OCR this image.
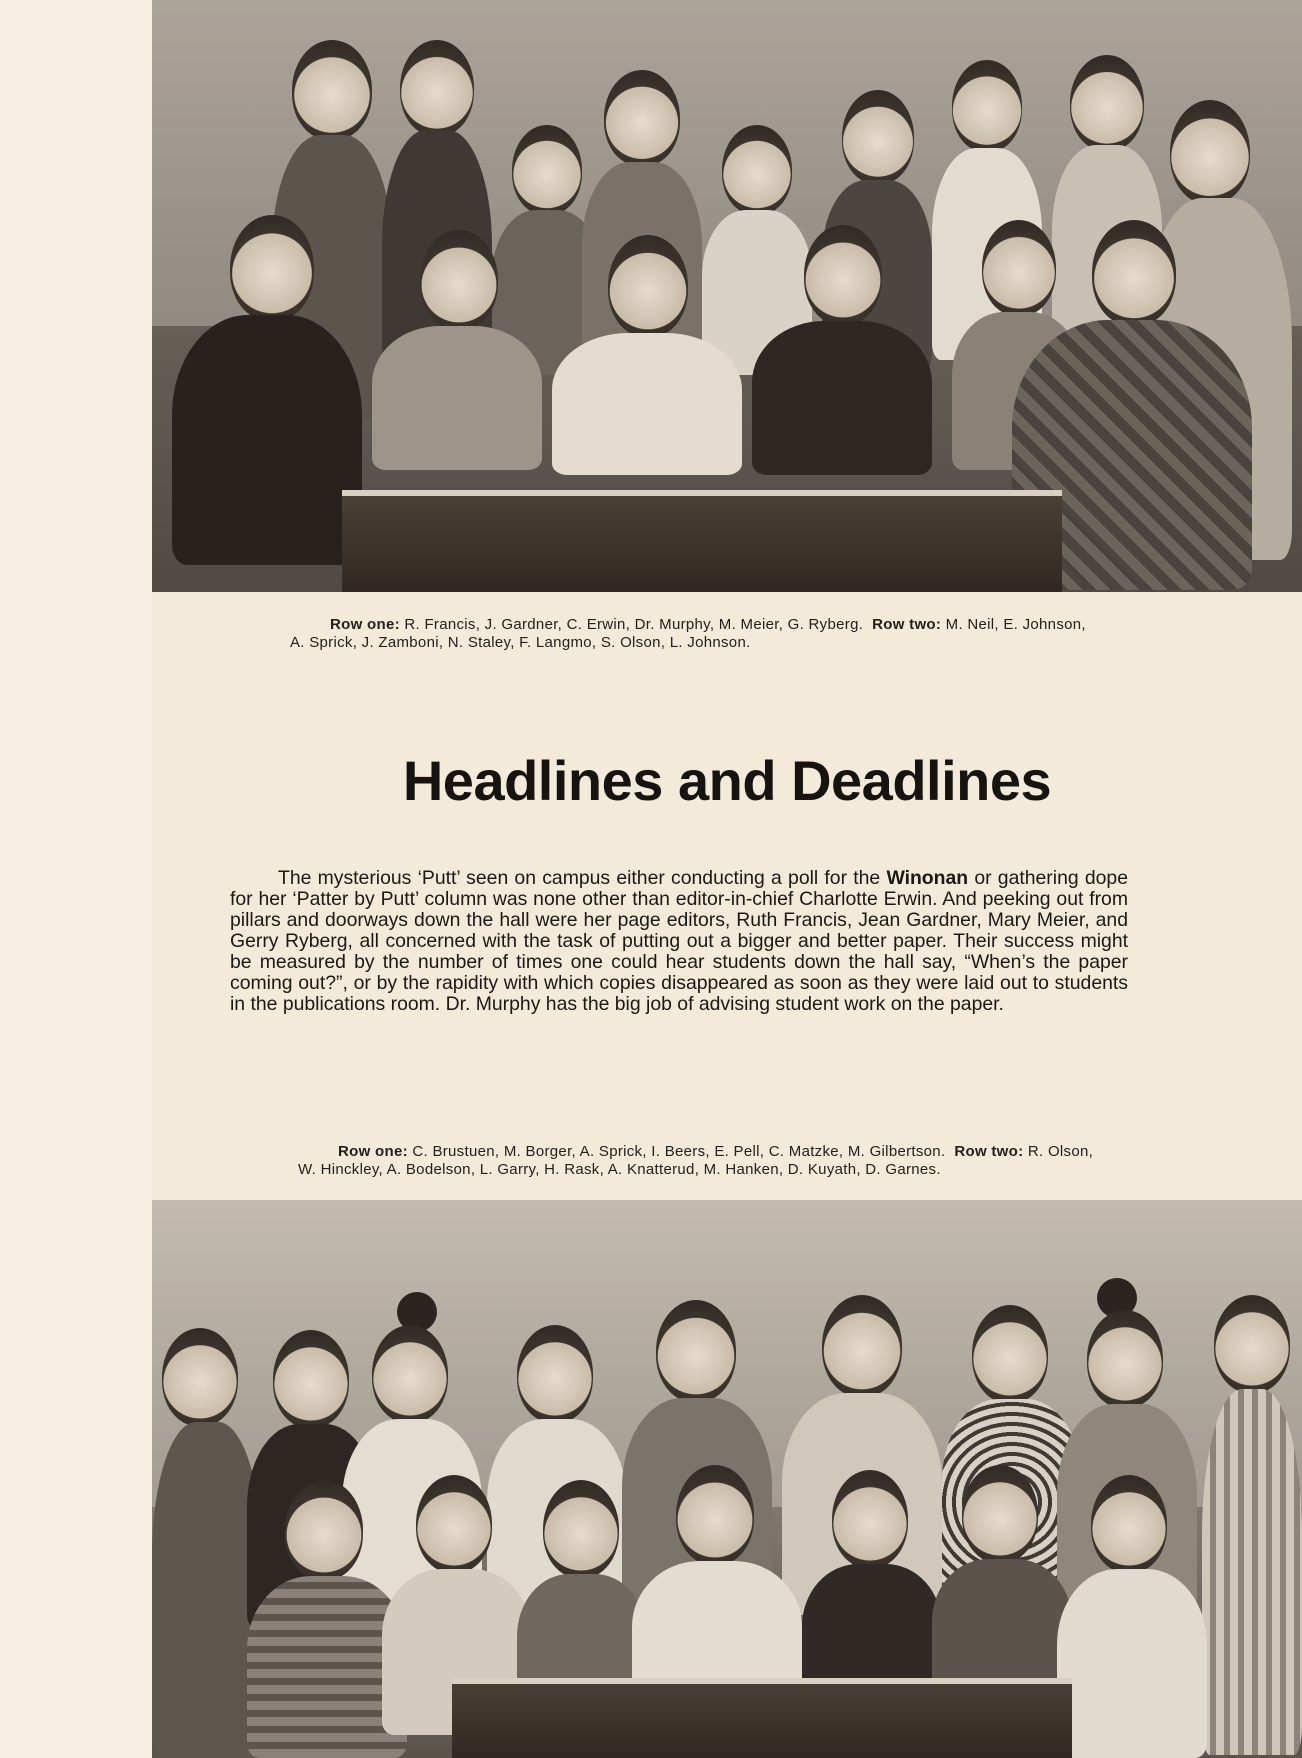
Row one: R. Francis, J. Gardner, C. Erwin, Dr. Murphy, M. Meier, G. Ryberg. Row two: M. Neil, E. Johnson,
A. Sprick, J. Zamboni, N. Staley, F. Langmo, S. Olson, L. Johnson.
Headlines and Deadlines
The mysterious ‘Putt’ seen on campus either conducting a poll for the Winonan or gathering dope for her ‘Patter by Putt’ column was none other than editor-in-chief Charlotte Erwin. And peeking out from pillars and doorways down the hall were her page editors, Ruth Francis, Jean Gardner, Mary Meier, and Gerry Ryberg, all concerned with the task of putting out a bigger and better paper. Their success might be measured by the number of times one could hear students down the hall say, “When’s the paper coming out?”, or by the rapidity with which copies disappeared as soon as they were laid out to students in the publications room. Dr. Murphy has the big job of advising student work on the paper.
Row one: C. Brustuen, M. Borger, A. Sprick, I. Beers, E. Pell, C. Matzke, M. Gilbertson. Row two: R. Olson,
W. Hinckley, A. Bodelson, L. Garry, H. Rask, A. Knatterud, M. Hanken, D. Kuyath, D. Garnes.
